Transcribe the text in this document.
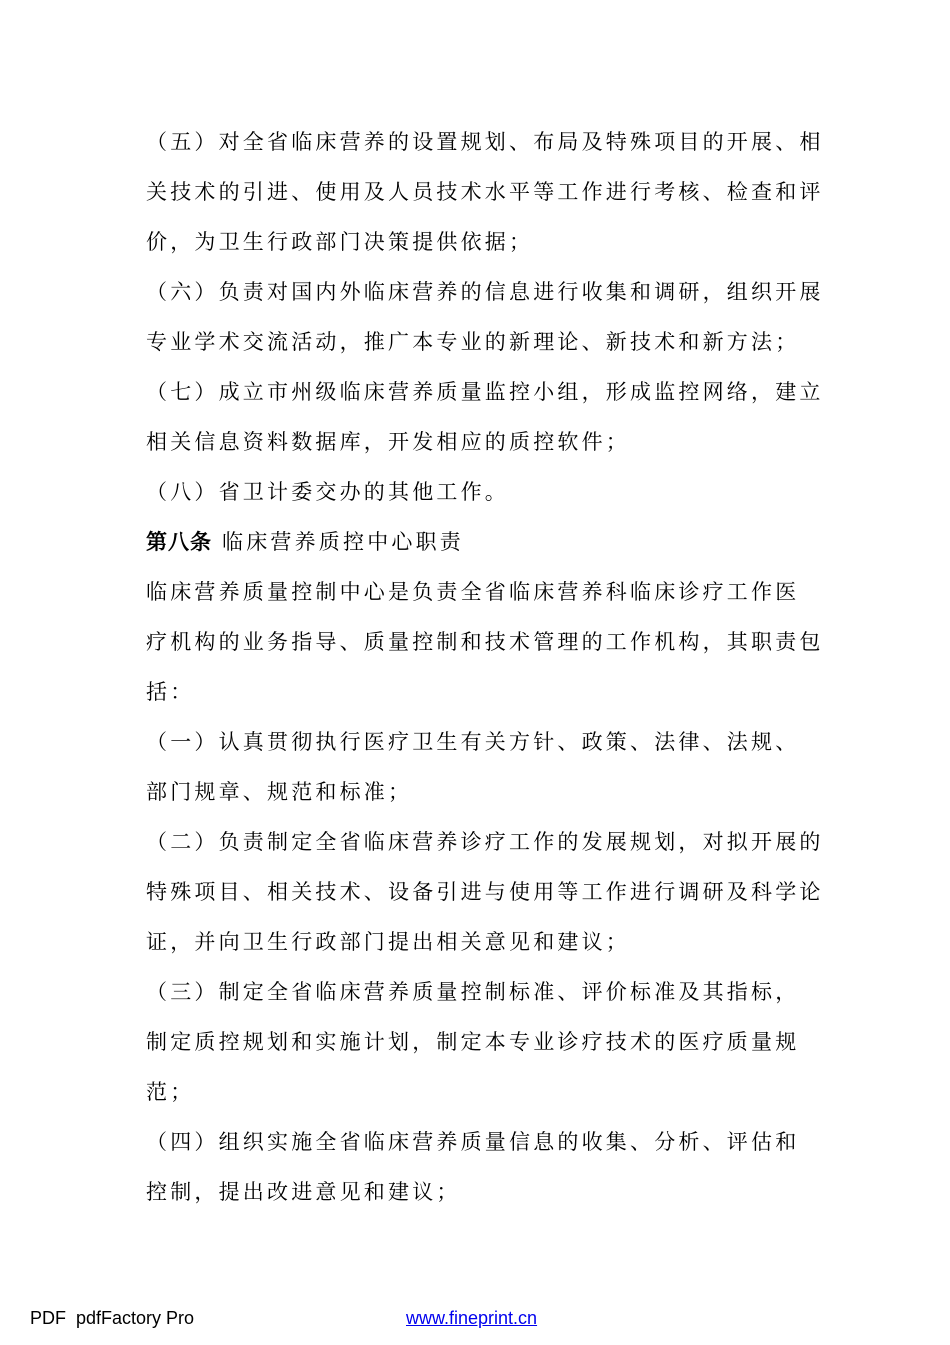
（五）对全省临床营养的设置规划、布局及特殊项目的开展、相
关技术的引进、使用及人员技术水平等工作进行考核、检查和评
价，为卫生行政部门决策提供依据；
（六）负责对国内外临床营养的信息进行收集和调研，组织开展
专业学术交流活动，推广本专业的新理论、新技术和新方法；
（七）成立市州级临床营养质量监控小组，形成监控网络，建立
相关信息资料数据库，开发相应的质控软件；
（八）省卫计委交办的其他工作。
第八条 临床营养质控中心职责
临床营养质量控制中心是负责全省临床营养科临床诊疗工作医
疗机构的业务指导、质量控制和技术管理的工作机构，其职责包
括：
（一）认真贯彻执行医疗卫生有关方针、政策、法律、法规、
部门规章、规范和标准；
（二）负责制定全省临床营养诊疗工作的发展规划，对拟开展的
特殊项目、相关技术、设备引进与使用等工作进行调研及科学论
证，并向卫生行政部门提出相关意见和建议；
（三）制定全省临床营养质量控制标准、评价标准及其指标，
制定质控规划和实施计划，制定本专业诊疗技术的医疗质量规
范；
（四）组织实施全省临床营养质量信息的收集、分析、评估和
控制，提出改进意见和建议；
PDF  pdfFactory Pro	www.fineprint.cn
